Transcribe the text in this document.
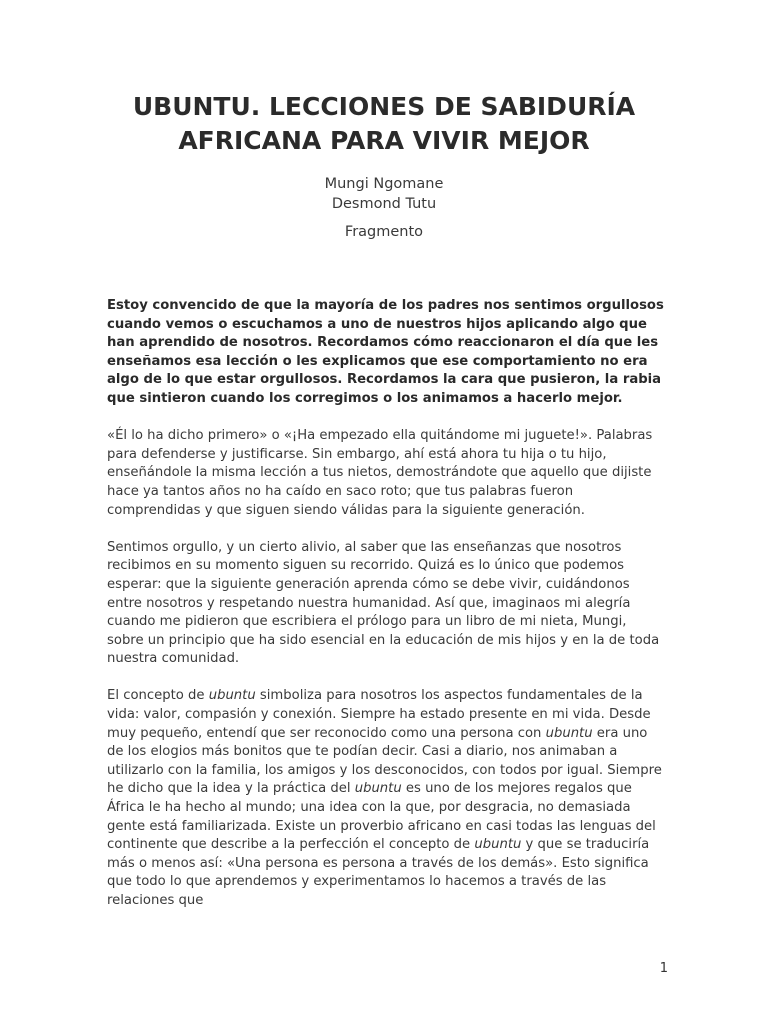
UBUNTU. LECCIONES DE SABIDURÍA
AFRICANA PARA VIVIR MEJOR
Mungi Ngomane
Desmond Tutu
Fragmento

Estoy convencido de que la mayoría de los padres nos sentimos orgullosos cuando vemos o escuchamos a uno de nuestros hijos aplicando algo que han aprendido de nosotros. Recordamos cómo reaccionaron el día que les enseñamos esa lección o les explicamos que ese comportamiento no era algo de lo que estar orgullosos. Recordamos la cara que pusieron, la rabia que sintieron cuando los corregimos o los animamos a hacerlo mejor.

«Él lo ha dicho primero» o «¡Ha empezado ella quitándome mi juguete!». Palabras para defenderse y justificarse. Sin embargo, ahí está ahora tu hija o tu hijo, enseñándole la misma lección a tus nietos, demostrándote que aquello que dijiste hace ya tantos años no ha caído en saco roto; que tus palabras fueron comprendidas y que siguen siendo válidas para la siguiente generación.

Sentimos orgullo, y un cierto alivio, al saber que las enseñanzas que nosotros recibimos en su momento siguen su recorrido. Quizá es lo único que podemos esperar: que la siguiente generación aprenda cómo se debe vivir, cuidándonos entre nosotros y respetando nuestra humanidad. Así que, imaginaos mi alegría cuando me pidieron que escribiera el prólogo para un libro de mi nieta, Mungi, sobre un principio que ha sido esencial en la educación de mis hijos y en la de toda nuestra comunidad.

El concepto de ubuntu simboliza para nosotros los aspectos fundamentales de la vida: valor, compasión y conexión. Siempre ha estado presente en mi vida. Desde muy pequeño, entendí que ser reconocido como una persona con ubuntu era uno de los elogios más bonitos que te podían decir. Casi a diario, nos animaban a utilizarlo con la familia, los amigos y los desconocidos, con todos por igual. Siempre he dicho que la idea y la práctica del ubuntu es uno de los mejores regalos que África le ha hecho al mundo; una idea con la que, por desgracia, no demasiada gente está familiarizada. Existe un proverbio africano en casi todas las lenguas del continente que describe a la perfección el concepto de ubuntu y que se traduciría más o menos así: «Una persona es persona a través de los demás». Esto significa que todo lo que aprendemos y experimentamos lo hacemos a través de las relaciones que

1
